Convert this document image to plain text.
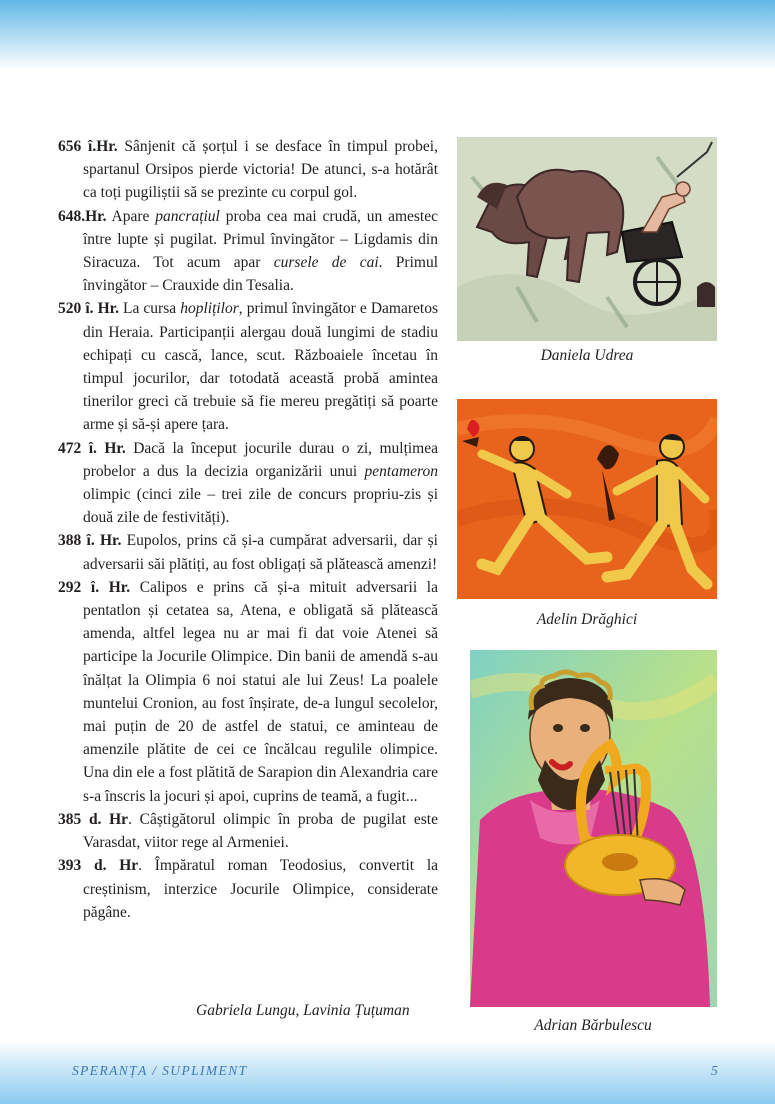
656 î.Hr. Sânjenit că șorțul i se desface în timpul probei, spartanul Orsipos pierde victoria! De atunci, s-a hotărât ca toți pugiliștii să se prezinte cu corpul gol.

648.Hr. Apare pancrațiul proba cea mai crudă, un amestec între lupte și pugilat. Primul învingător – Ligdamis din Siracuza. Tot acum apar cursele de cai. Primul învingător – Crauxide din Tesalia.

520 î. Hr. La cursa hopliților, primul învingător e Damaretos din Heraia. Participanții alergau două lungimi de stadiu echipați cu cască, lance, scut. Războaiele încetau în timpul jocurilor, dar totodată această probă amintea tinerilor greci că trebuie să fie mereu pregătiți să poarte arme și să-și apere țara.

472 î. Hr. Dacă la început jocurile durau o zi, mulțimea probelor a dus la decizia organizării unui pentameron olimpic (cinci zile – trei zile de concurs propriu-zis și două zile de festivități).

388 î. Hr. Eupolos, prins că și-a cumpărat adversarii, dar și adversarii săi plătiți, au fost obligați să plătească amenzi!

292 î. Hr. Calipos e prins că și-a mituit adversarii la pentatlon și cetatea sa, Atena, e obligată să plătească amenda, altfel legea nu ar mai fi dat voie Atenei să participe la Jocurile Olimpice. Din banii de amendă s-au înălțat la Olimpia 6 noi statui ale lui Zeus! La poalele muntelui Cronion, au fost înșirate, de-a lungul secolelor, mai puțin de 20 de astfel de statui, ce aminteau de amenzile plătite de cei ce încălcau regulile olimpice. Una din ele a fost plătită de Sarapion din Alexandria care s-a înscris la jocuri și apoi, cuprins de teamă, a fugit...

385 d. Hr. Câștigătorul olimpic în proba de pugilat este Varasdat, viitor rege al Armeniei.

393 d. Hr. Împăratul roman Teodosius, convertit la creștinism, interzice Jocurile Olimpice, considerate păgâne.

Gabriela Lungu, Lavinia Țuțuman
Daniela Udrea
Adelin Drăghici
Adrian Bărbulescu
SPERANȚA / SUPLIMENT	5
